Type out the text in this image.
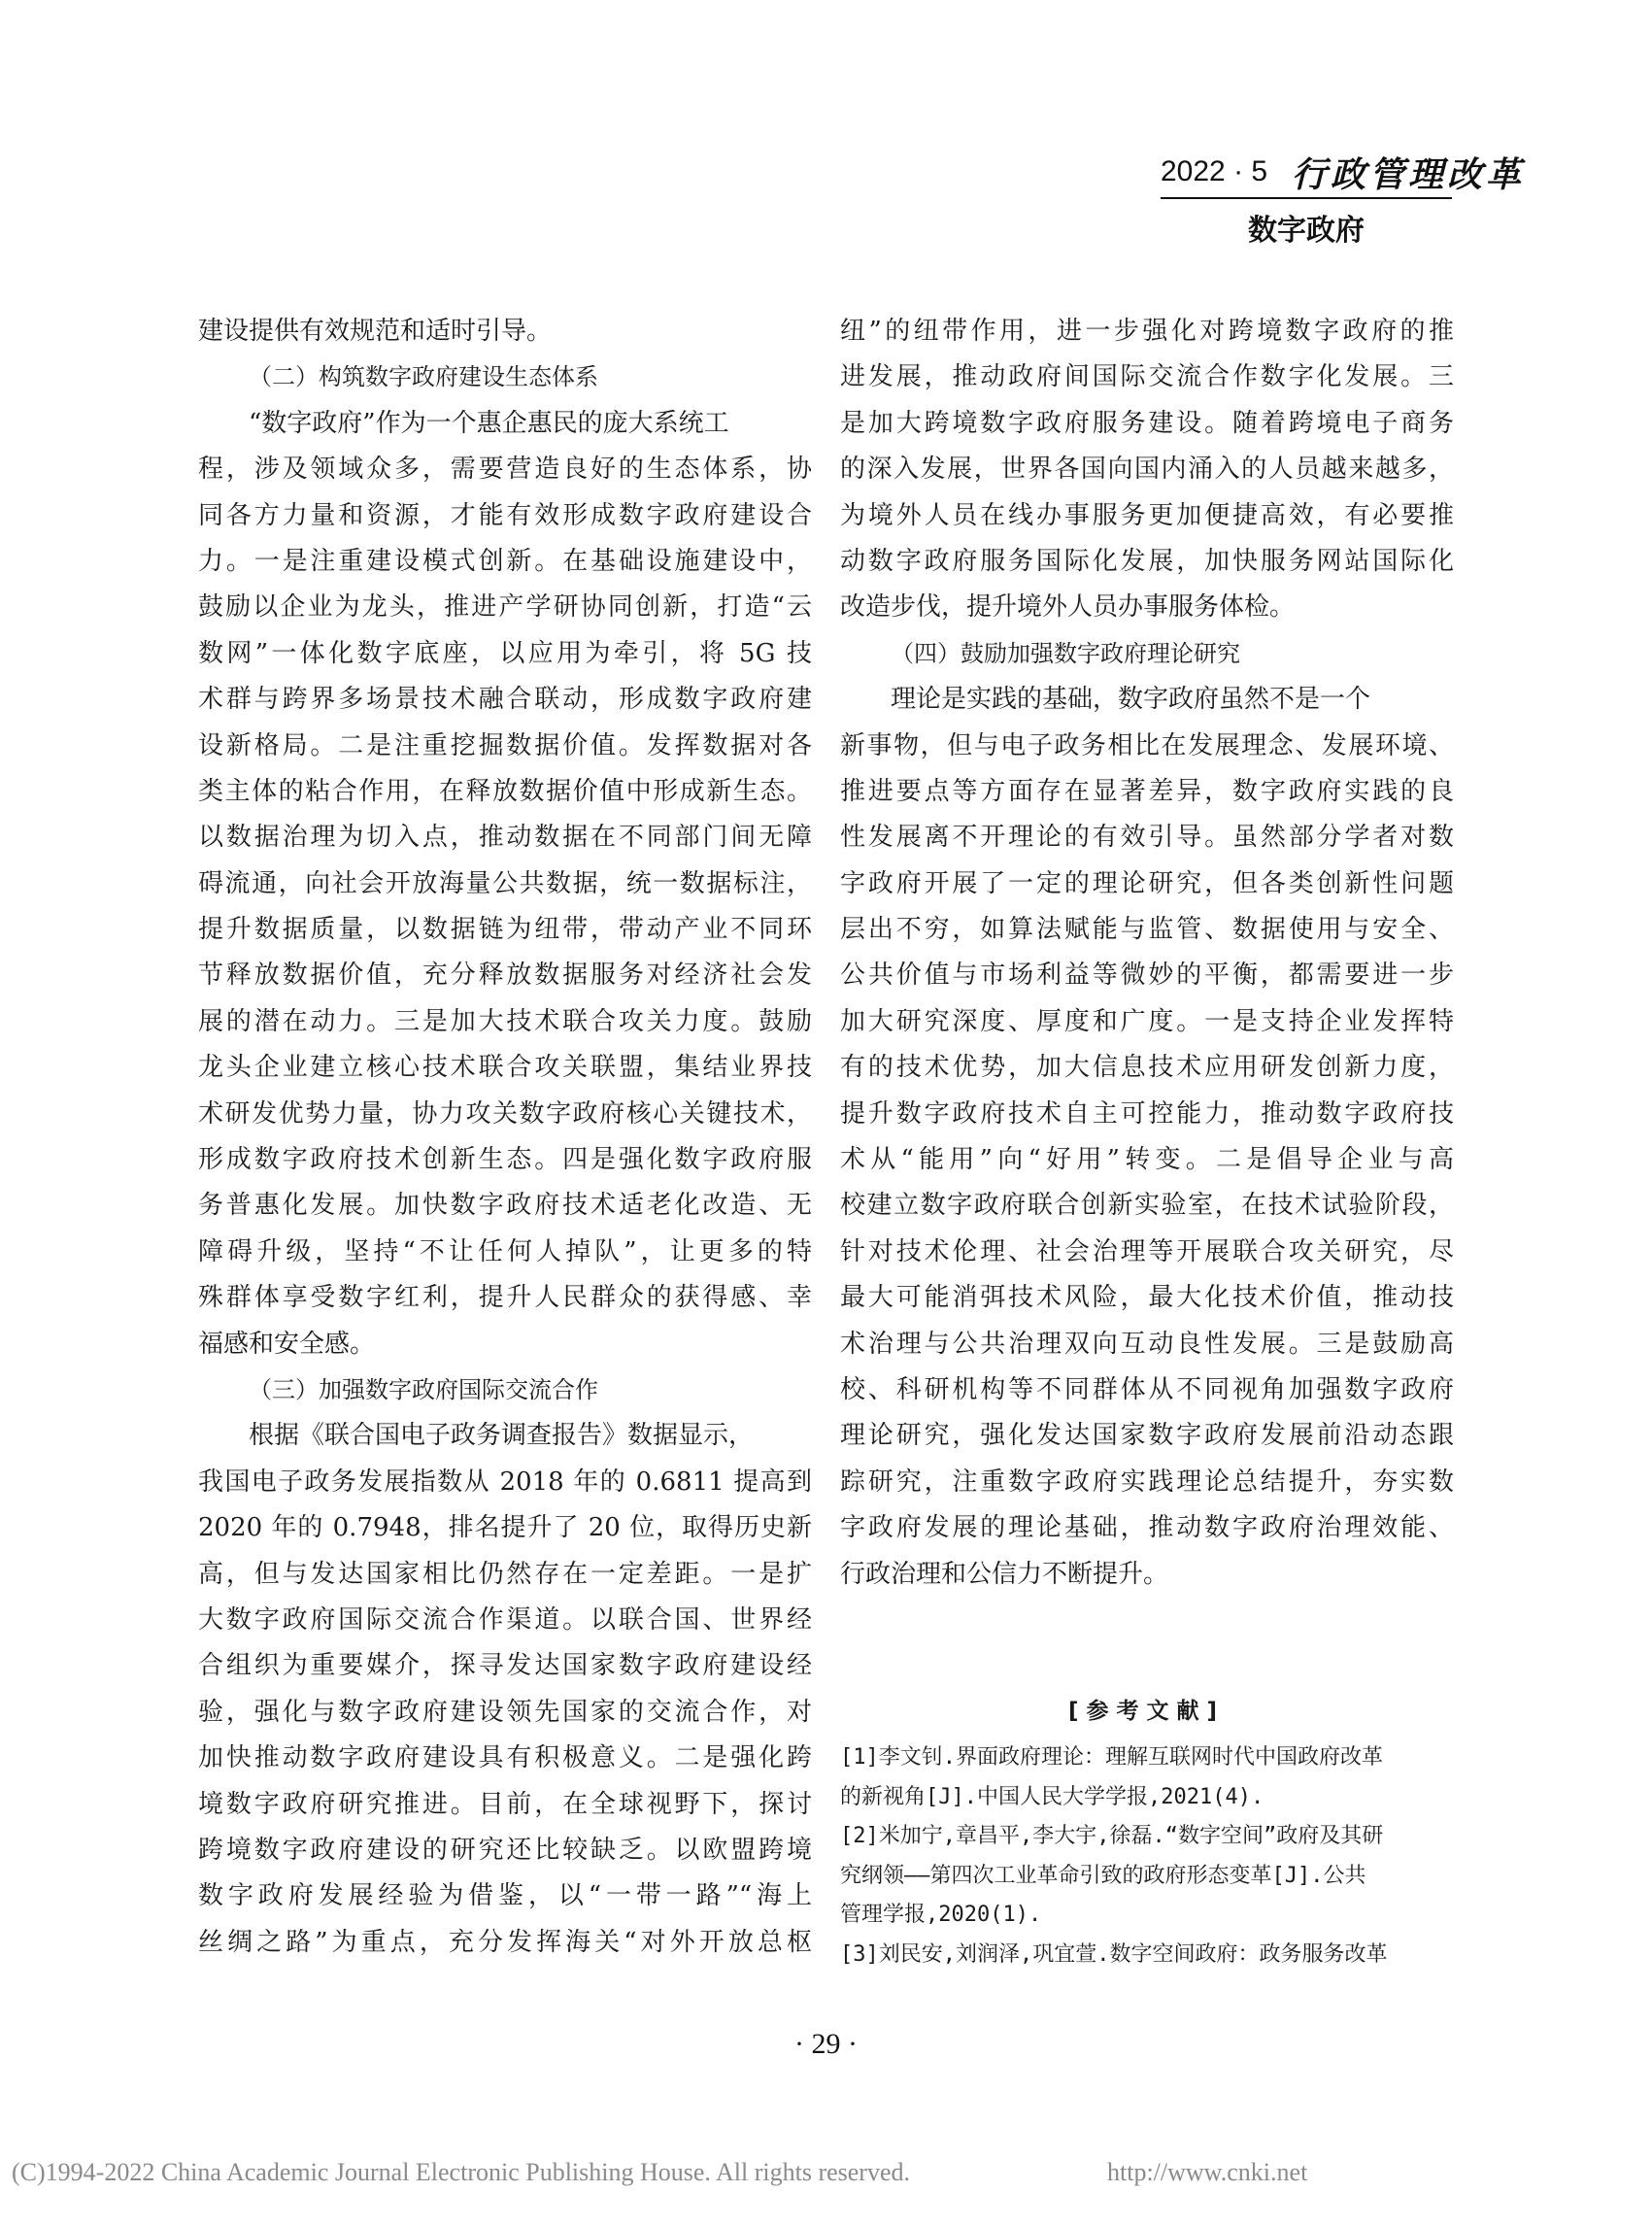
2022 · 5 行政管理改革
数字政府
建设提供有效规范和适时引导。
（二）构筑数字政府建设生态体系
“数字政府”作为一个惠企惠民的庞大系统工
程，涉及领域众多，需要营造良好的生态体系，协
同各方力量和资源，才能有效形成数字政府建设合
力。一是注重建设模式创新。在基础设施建设中，
鼓励以企业为龙头，推进产学研协同创新，打造“云
数网”一体化数字底座，以应用为牵引，将 5G 技
术群与跨界多场景技术融合联动，形成数字政府建
设新格局。二是注重挖掘数据价值。发挥数据对各
类主体的粘合作用，在释放数据价值中形成新生态。
以数据治理为切入点，推动数据在不同部门间无障
碍流通，向社会开放海量公共数据，统一数据标注，
提升数据质量，以数据链为纽带，带动产业不同环
节释放数据价值，充分释放数据服务对经济社会发
展的潜在动力。三是加大技术联合攻关力度。鼓励
龙头企业建立核心技术联合攻关联盟，集结业界技
术研发优势力量，协力攻关数字政府核心关键技术，
形成数字政府技术创新生态。四是强化数字政府服
务普惠化发展。加快数字政府技术适老化改造、无
障碍升级，坚持“不让任何人掉队”，让更多的特
殊群体享受数字红利，提升人民群众的获得感、幸
福感和安全感。
（三）加强数字政府国际交流合作
根据《联合国电子政务调查报告》数据显示，
我国电子政务发展指数从 2018 年的 0.6811 提高到
2020 年的 0.7948，排名提升了 20 位，取得历史新
高，但与发达国家相比仍然存在一定差距。一是扩
大数字政府国际交流合作渠道。以联合国、世界经
合组织为重要媒介，探寻发达国家数字政府建设经
验，强化与数字政府建设领先国家的交流合作，对
加快推动数字政府建设具有积极意义。二是强化跨
境数字政府研究推进。目前，在全球视野下，探讨
跨境数字政府建设的研究还比较缺乏。以欧盟跨境
数字政府发展经验为借鉴，以“一带一路”“海上
丝绸之路”为重点，充分发挥海关“对外开放总枢
纽”的纽带作用，进一步强化对跨境数字政府的推
进发展，推动政府间国际交流合作数字化发展。三
是加大跨境数字政府服务建设。随着跨境电子商务
的深入发展，世界各国向国内涌入的人员越来越多，
为境外人员在线办事服务更加便捷高效，有必要推
动数字政府服务国际化发展，加快服务网站国际化
改造步伐，提升境外人员办事服务体检。
（四）鼓励加强数字政府理论研究
理论是实践的基础，数字政府虽然不是一个
新事物，但与电子政务相比在发展理念、发展环境、
推进要点等方面存在显著差异，数字政府实践的良
性发展离不开理论的有效引导。虽然部分学者对数
字政府开展了一定的理论研究，但各类创新性问题
层出不穷，如算法赋能与监管、数据使用与安全、
公共价值与市场利益等微妙的平衡，都需要进一步
加大研究深度、厚度和广度。一是支持企业发挥特
有的技术优势，加大信息技术应用研发创新力度，
提升数字政府技术自主可控能力，推动数字政府技
术从“能用”向“好用”转变。二是倡导企业与高
校建立数字政府联合创新实验室，在技术试验阶段，
针对技术伦理、社会治理等开展联合攻关研究，尽
最大可能消弭技术风险，最大化技术价值，推动技
术治理与公共治理双向互动良性发展。三是鼓励高
校、科研机构等不同群体从不同视角加强数字政府
理论研究，强化发达国家数字政府发展前沿动态跟
踪研究，注重数字政府实践理论总结提升，夯实数
字政府发展的理论基础，推动数字政府治理效能、
行政治理和公信力不断提升。
[参考文献]
[1]李文钊.界面政府理论：理解互联网时代中国政府改革
的新视角[J].中国人民大学学报,2021(4).
[2]米加宁,章昌平,李大宇,徐磊.“数字空间”政府及其研
究纲领——第四次工业革命引致的政府形态变革[J].公共
管理学报,2020(1).
[3]刘民安,刘润泽,巩宜萱.数字空间政府：政务服务改革
· 29 ·
(C)1994-2022 China Academic Journal Electronic Publishing House. All rights reserved.	http://www.cnki.net
